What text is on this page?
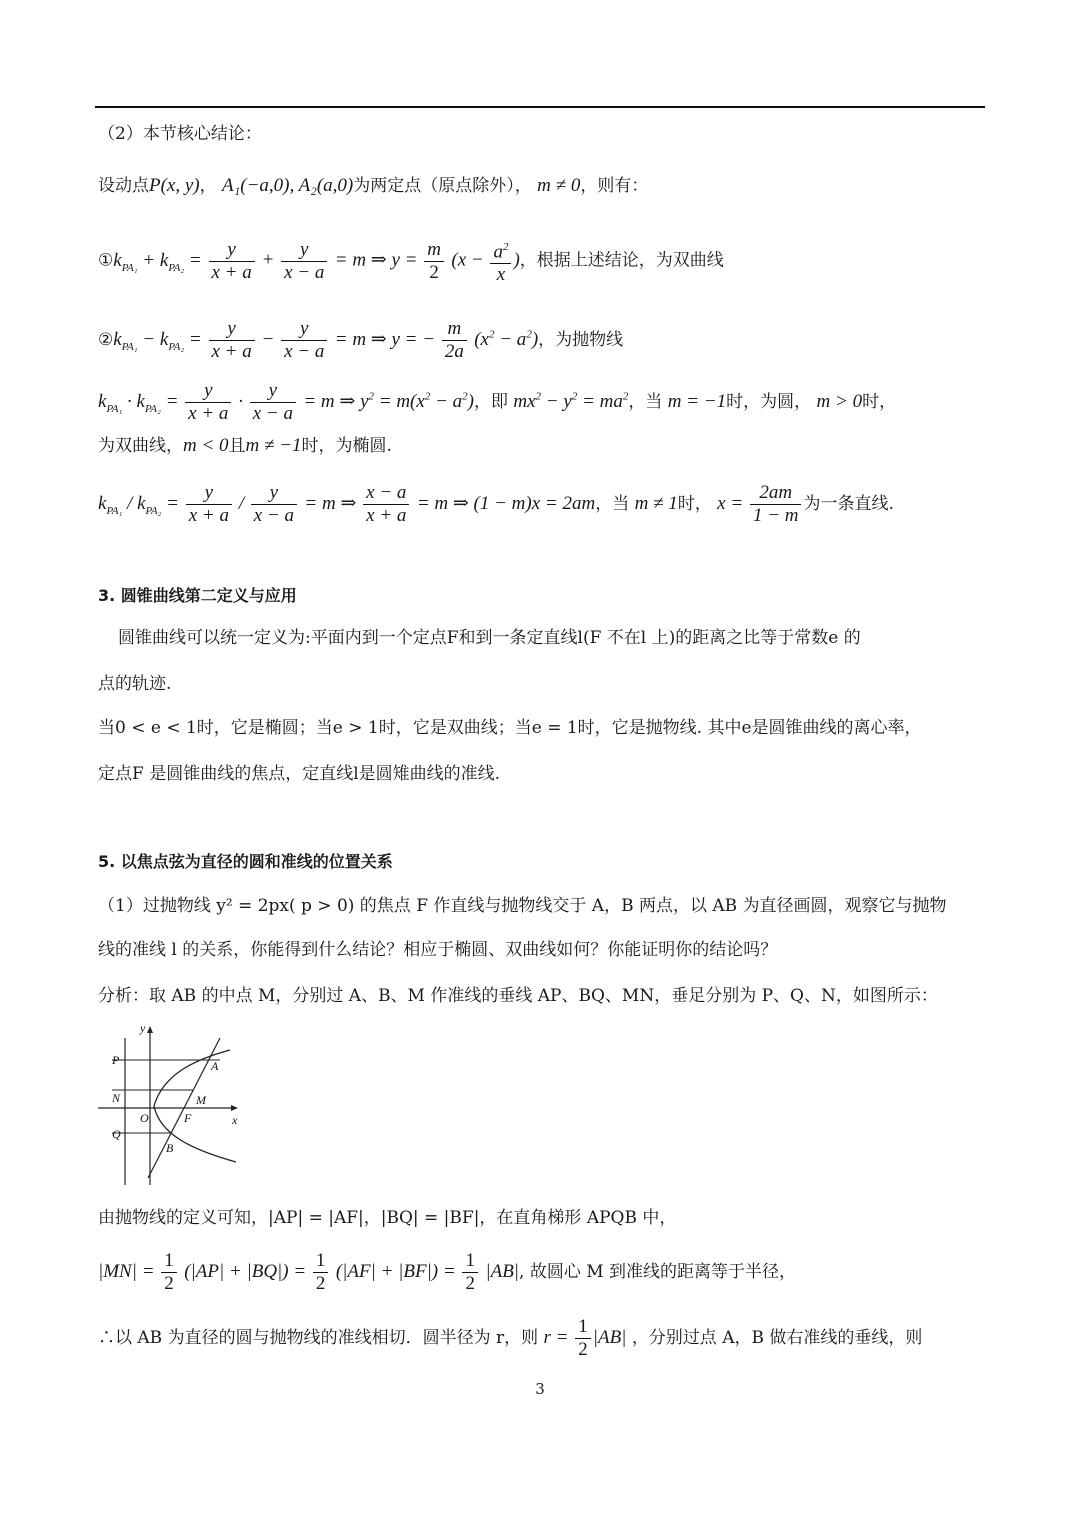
（2）本节核心结论：
设动点P(x, y)， A₁(−a,0), A₂(a,0)为两定点（原点除外）， m ≠ 0，则有：
$①k_{PA_1} + k_{PA_2} = \frac{y}{x + a} + \frac{y}{x - a} = m$ ⇒ $y = \frac{m}{2} (x - \frac{a^2}{x}$ )，根据上述结论，为双曲线
$②k_{PA_1} - k_{PA_2} = \frac{y}{x + a} - \frac{y}{x - a} = m$ ⇒ y = − $\frac{m}{2a} (x^2 - a^2)$，为抛物线
$k_{PA_1} \cdot k_{PA_2} = \frac{y}{x + a} \cdot \frac{y}{x - a} = m$ ⇒ $y^2 = m(x^2 - a^2)$，即 $mx^2 - y^2 = ma^2$，当 m = −1时，为圆， m > 0时，
为双曲线，m < 0且m ≠ −1时，为椭圆.
$k_{PA_1} / k_{PA_2} = \frac{y}{x + a} / \frac{y}{x - a} = m$ ⇒ $\frac{x - a}{x + a} = m$ ⇒ (1 − m)x = 2am，当 m ≠ 1时， $x = \frac{2am}{1 - m}$ 为一条直线.
3. 圆锥曲线第二定义与应用
圆锥曲线可以统一定义为:平面内到一个定点F和到一条定直线l(F 不在l 上)的距离之比等于常数e 的
点的轨迹.
当0 < e < 1时，它是椭圆；当e > 1时，它是双曲线；当e = 1时，它是抛物线. 其中e是圆锥曲线的离心率，
定点F 是圆锥曲线的焦点，定直线l是圆雉曲线的准线.
5. 以焦点弦为直径的圆和准线的位置关系
（1）过抛物线 y² = 2px( p > 0) 的焦点 F 作直线与抛物线交于 A，B 两点，以 AB 为直径画圆，观察它与抛物
线的准线 l 的关系，你能得到什么结论？相应于椭圆、双曲线如何？你能证明你的结论吗？
分析：取 AB 的中点 M，分别过 A、B、M 作准线的垂线 AP、BQ、MN，垂足分别为 P、Q、N，如图所示：
y
x
P
N
Q
O	F
A
M
B
由抛物线的定义可知，|AP| = |AF|，|BQ| = |BF|，在直角梯形 APQB 中，
$|MN| = \frac{1}{2} (|AP| + |BQ|) = \frac{1}{2} (|AF| + |BF|) = \frac{1}{2} |AB|$, 故圆心 M 到准线的距离等于半径，
∴以 AB 为直径的圆与抛物线的准线相切．圆半径为 r，则 $r = \frac{1}{2} |AB|$ ，分别过点 A，B 做右准线的垂线，则
3
